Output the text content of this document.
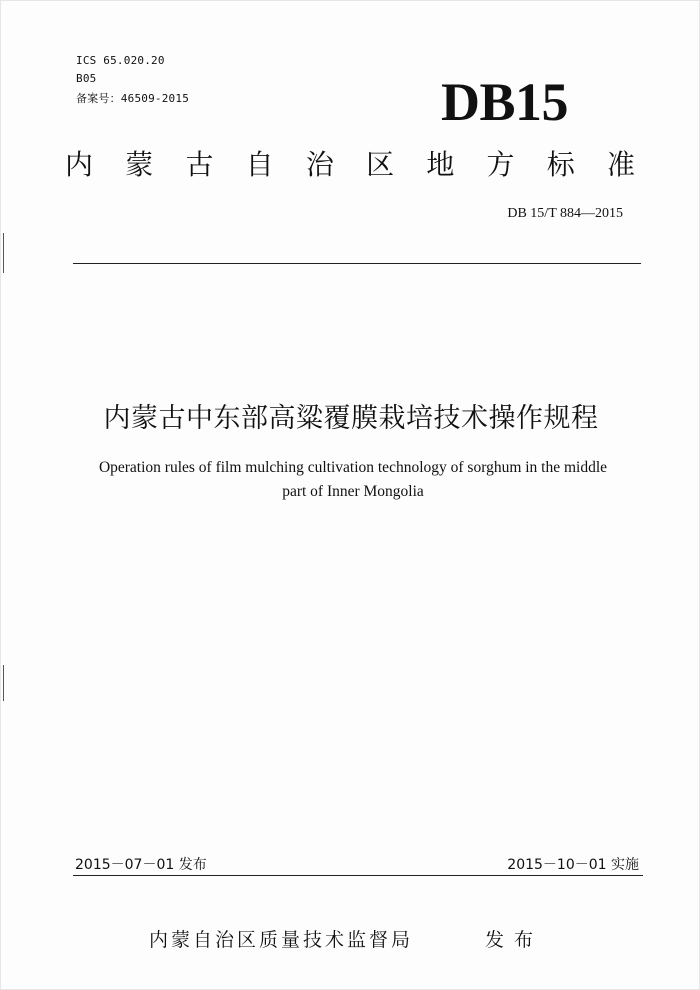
ICS 65.020.20
B05
备案号：46509-2015	DB15
内 蒙 古 自 治 区 地 方 标 准
DB 15/T 884—2015
内蒙古中东部高粱覆膜栽培技术操作规程
Operation rules of film mulching cultivation technology of sorghum in the middle
part of Inner Mongolia
2015－07－01 发布	2015－10－01 实施
内蒙自治区质量技术监督局	发布
